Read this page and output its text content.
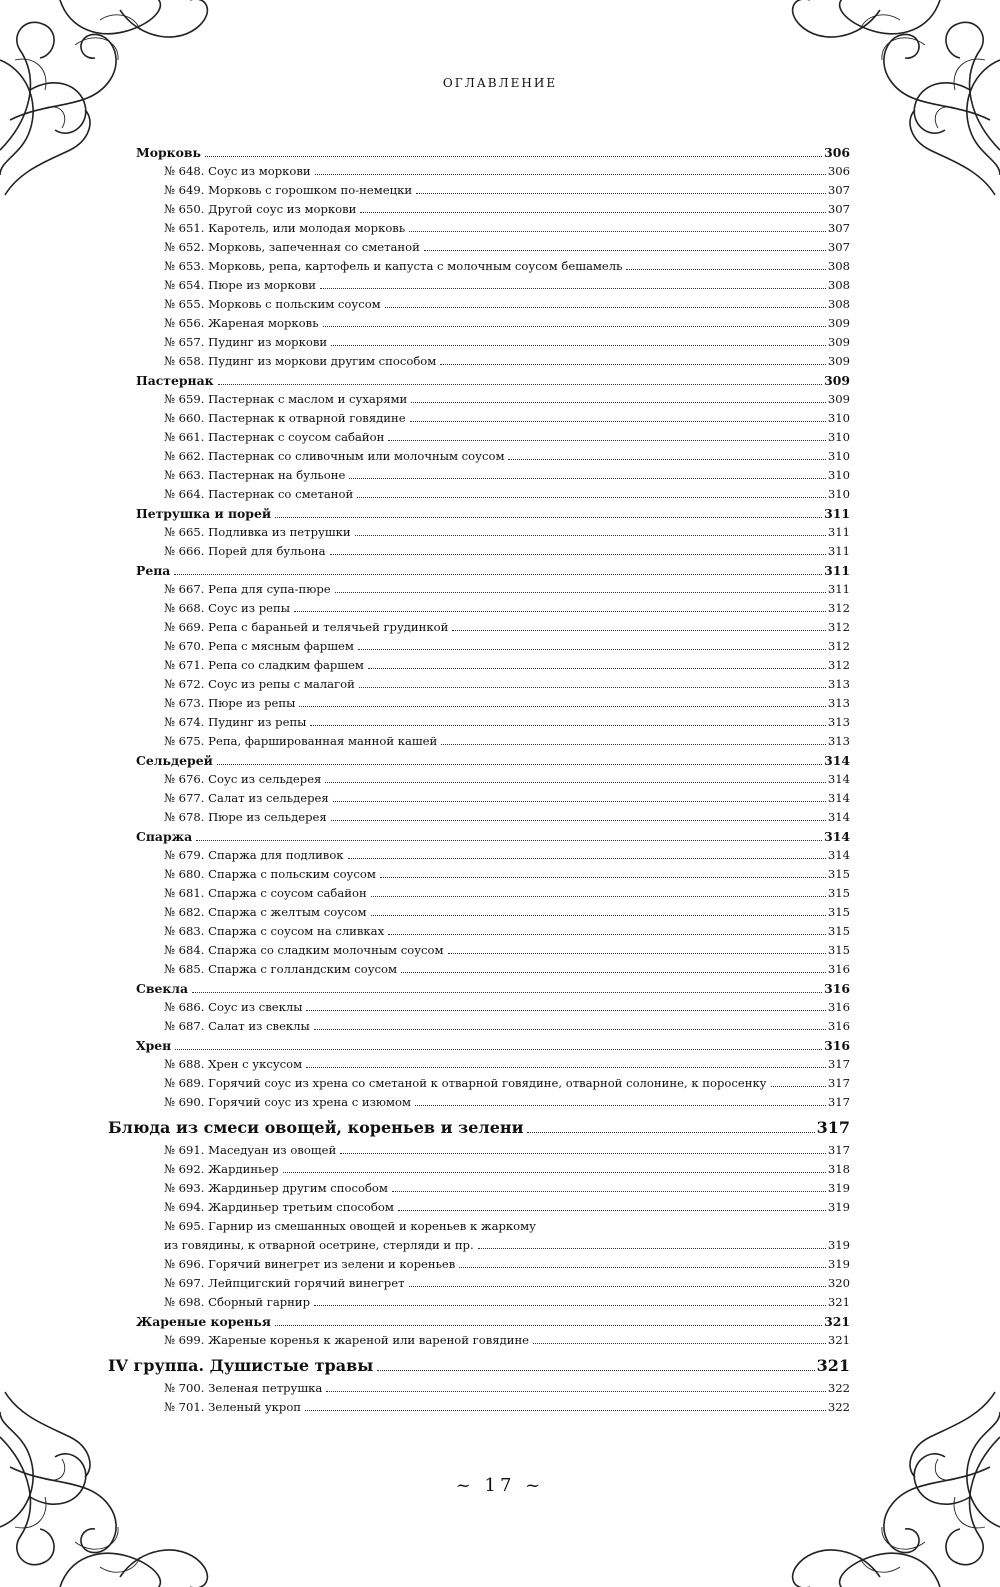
оглавление
Морковь	306
№ 648. Соус из моркови	306
№ 649. Морковь с горошком по-немецки	307
№ 650. Другой соус из моркови	307
№ 651. Каротель, или молодая морковь	307
№ 652. Морковь, запеченная со сметаной	307
№ 653. Морковь, репа, картофель и капуста с молочным соусом бешамель	308
№ 654. Пюре из моркови	308
№ 655. Морковь с польским соусом	308
№ 656. Жареная морковь	309
№ 657. Пудинг из моркови	309
№ 658. Пудинг из моркови другим способом	309
Пастернак	309
№ 659. Пастернак с маслом и сухарями	309
№ 660. Пастернак к отварной говядине	310
№ 661. Пастернак с соусом сабайон	310
№ 662. Пастернак со сливочным или молочным соусом	310
№ 663. Пастернак на бульоне	310
№ 664. Пастернак со сметаной	310
Петрушка и порей	311
№ 665. Подливка из петрушки	311
№ 666. Порей для бульона	311
Репа	311
№ 667. Репа для супа-пюре	311
№ 668. Соус из репы	312
№ 669. Репа с бараньей и телячьей грудинкой	312
№ 670. Репа с мясным фаршем	312
№ 671. Репа со сладким фаршем	312
№ 672. Соус из репы с малагой	313
№ 673. Пюре из репы	313
№ 674. Пудинг из репы	313
№ 675. Репа, фаршированная манной кашей	313
Сельдерей	314
№ 676. Соус из сельдерея	314
№ 677. Салат из сельдерея	314
№ 678. Пюре из сельдерея	314
Спаржа	314
№ 679. Спаржа для подливок	314
№ 680. Спаржа с польским соусом	315
№ 681. Спаржа с соусом сабайон	315
№ 682. Спаржа с желтым соусом	315
№ 683. Спаржа с соусом на сливках	315
№ 684. Спаржа со сладким молочным соусом	315
№ 685. Спаржа с голландским соусом	316
Свекла	316
№ 686. Соус из свеклы	316
№ 687. Салат из свеклы	316
Хрен	316
№ 688. Хрен с уксусом	317
№ 689. Горячий соус из хрена со сметаной к отварной говядине, отварной солонине, к поросенку	317
№ 690. Горячий соус из хрена с изюмом	317
Блюда из смеси овощей, кореньев и зелени	317
№ 691. Маседуан из овощей	317
№ 692. Жардиньер	318
№ 693. Жардиньер другим способом	319
№ 694. Жардиньер третьим способом	319
№ 695. Гарнир из смешанных овощей и кореньев к жаркому
из говядины, к отварной осетрине, стерляди и пр.	319
№ 696. Горячий винегрет из зелени и кореньев	319
№ 697. Лейпцигский горячий винегрет	320
№ 698. Сборный гарнир	321
Жареные коренья	321
№ 699. Жареные коренья к жареной или вареной говядине	321
IV группа. Душистые травы	321
№ 700. Зеленая петрушка	322
№ 701. Зеленый укроп	322
~ 17 ~
